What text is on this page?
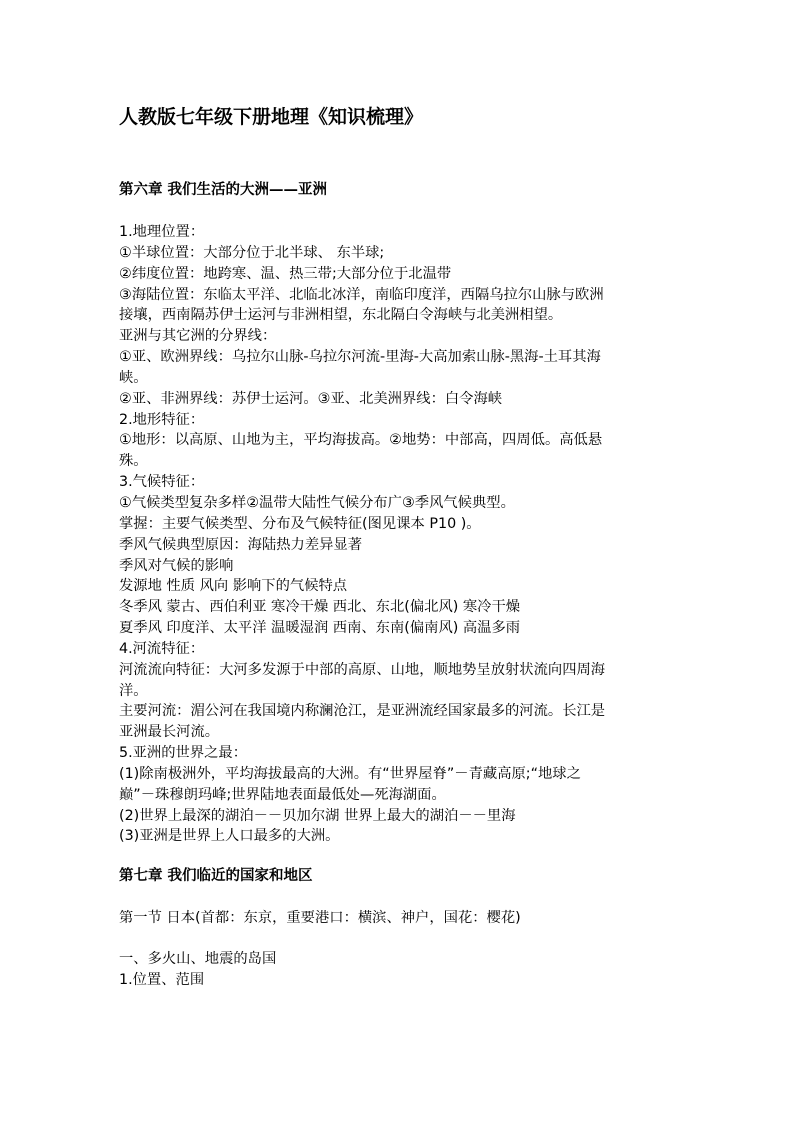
人教版七年级下册地理《知识梳理》
第六章 我们生活的大洲——亚洲
1.地理位置：
①半球位置：大部分位于北半球、 东半球;
②纬度位置：地跨寒、温、热三带;大部分位于北温带
③海陆位置：东临太平洋、北临北冰洋，南临印度洋，西隔乌拉尔山脉与欧洲
接壤，西南隔苏伊士运河与非洲相望，东北隔白令海峡与北美洲相望。
亚洲与其它洲的分界线：
①亚、欧洲界线：乌拉尔山脉-乌拉尔河流-里海-大高加索山脉-黑海-土耳其海
峡。
②亚、非洲界线：苏伊士运河。③亚、北美洲界线：白令海峡
2.地形特征：
①地形：以高原、山地为主，平均海拔高。②地势：中部高，四周低。高低悬
殊。
3.气候特征：
①气候类型复杂多样②温带大陆性气候分布广③季风气候典型。
掌握：主要气候类型、分布及气候特征(图见课本 P10 )。
季风气候典型原因：海陆热力差异显著
季风对气候的影响
发源地 性质 风向 影响下的气候特点
冬季风 蒙古、西伯利亚 寒冷干燥 西北、东北(偏北风) 寒冷干燥
夏季风 印度洋、太平洋 温暖湿润 西南、东南(偏南风) 高温多雨
4.河流特征：
河流流向特征：大河多发源于中部的高原、山地，顺地势呈放射状流向四周海
洋。
主要河流：湄公河在我国境内称澜沧江，是亚洲流经国家最多的河流。长江是
亚洲最长河流。
5.亚洲的世界之最：
(1)除南极洲外，平均海拔最高的大洲。有“世界屋脊”－青藏高原;“地球之
巅”－珠穆朗玛峰;世界陆地表面最低处—死海湖面。
(2)世界上最深的湖泊－－贝加尔湖 世界上最大的湖泊－－里海
(3)亚洲是世界上人口最多的大洲。
第七章 我们临近的国家和地区
第一节 日本(首都：东京，重要港口：横滨、神户，国花：樱花)
一、多火山、地震的岛国
1.位置、范围
